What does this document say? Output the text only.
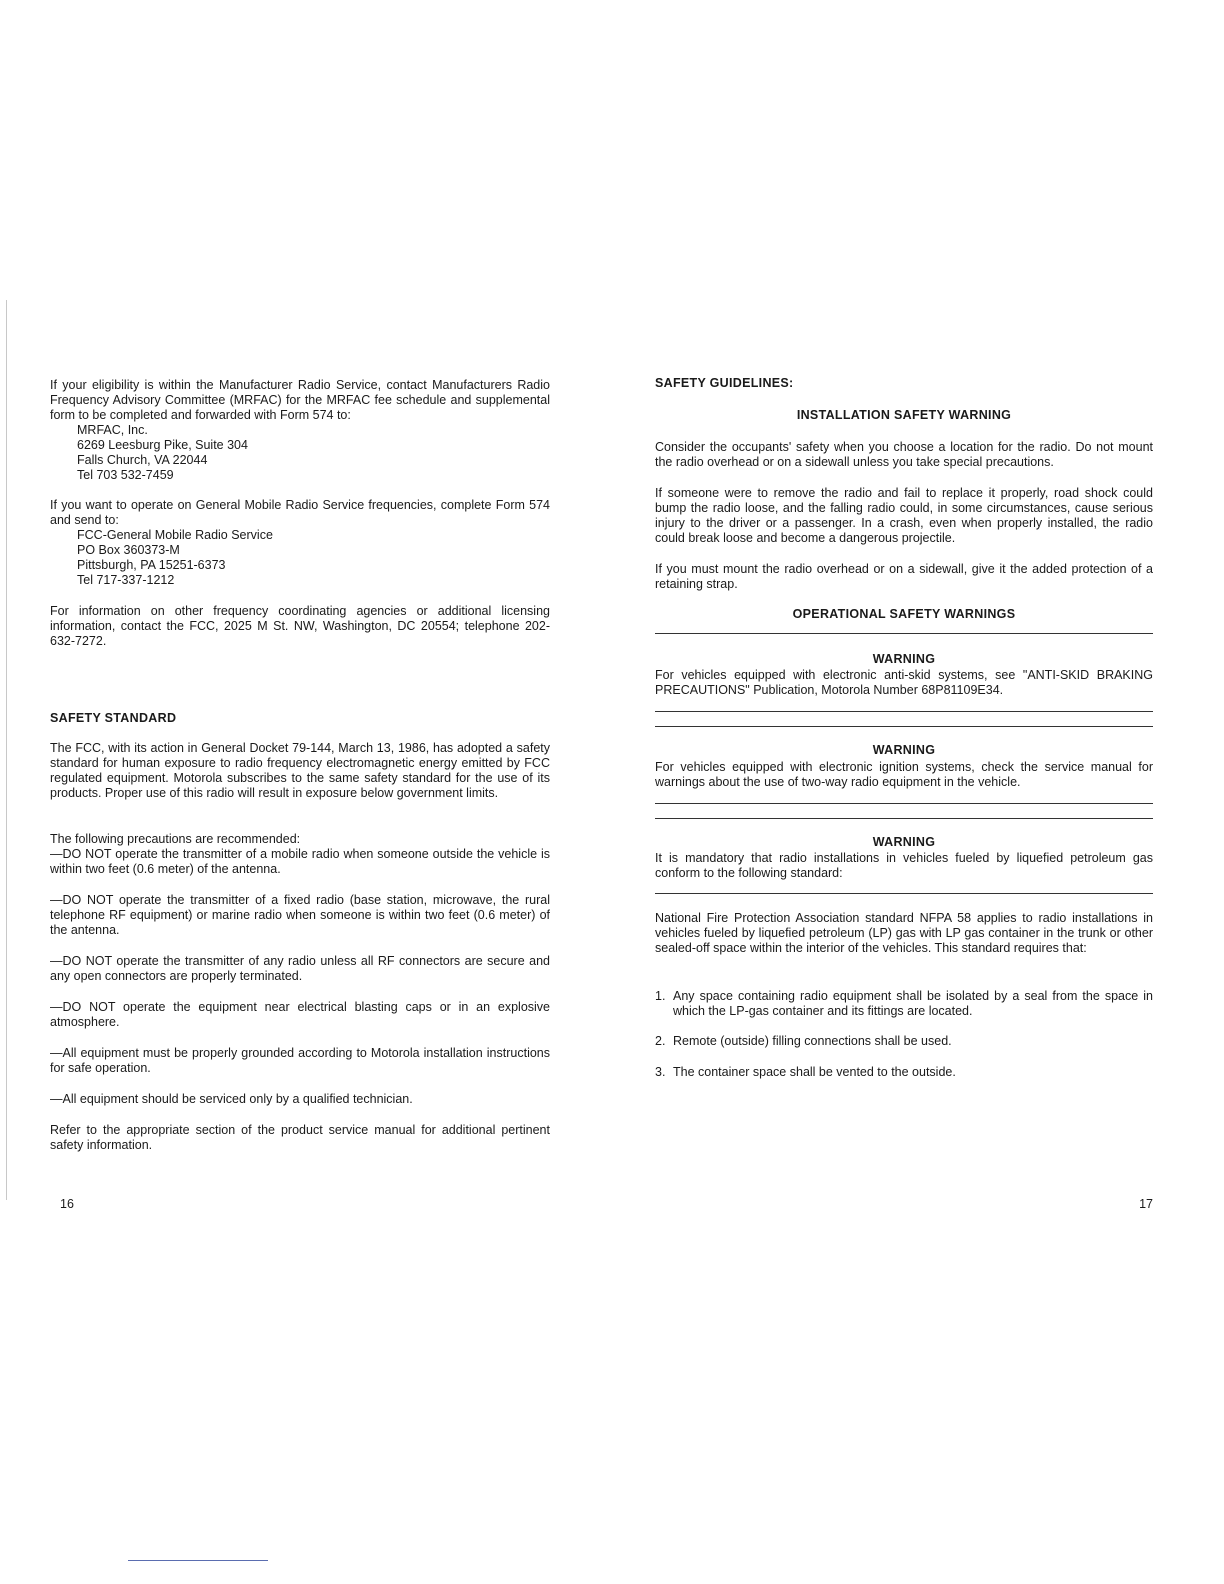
If your eligibility is within the Manufacturer Radio Service, contact Manufacturers Radio Frequency Advisory Committee (MRFAC) for the MRFAC fee schedule and supplemental form to be completed and forwarded with Form 574 to:

MRFAC, Inc.
6269 Leesburg Pike, Suite 304
Falls Church, VA 22044
Tel 703 532-7459

If you want to operate on General Mobile Radio Service frequencies, complete Form 574 and send to:

FCC-General Mobile Radio Service
PO Box 360373-M
Pittsburgh, PA 15251-6373
Tel 717-337-1212

For information on other frequency coordinating agencies or additional licensing information, contact the FCC, 2025 M St. NW, Washington, DC 20554; telephone 202-632-7272.

SAFETY STANDARD

The FCC, with its action in General Docket 79-144, March 13, 1986, has adopted a safety standard for human exposure to radio frequency electromagnetic energy emitted by FCC regulated equipment. Motorola subscribes to the same safety standard for the use of its products. Proper use of this radio will result in exposure below government limits.

The following precautions are recommended:

—DO NOT operate the transmitter of a mobile radio when someone outside the vehicle is within two feet (0.6 meter) of the antenna.

—DO NOT operate the transmitter of a fixed radio (base station, microwave, the rural telephone RF equipment) or marine radio when someone is within two feet (0.6 meter) of the antenna.

—DO NOT operate the transmitter of any radio unless all RF connectors are secure and any open connectors are properly terminated.

—DO NOT operate the equipment near electrical blasting caps or in an explosive atmosphere.

—All equipment must be properly grounded according to Motorola installation instructions for safe operation.

—All equipment should be serviced only by a qualified technician.

Refer to the appropriate section of the product service manual for additional pertinent safety information.

16

SAFETY GUIDELINES:

INSTALLATION SAFETY WARNING

Consider the occupants' safety when you choose a location for the radio. Do not mount the radio overhead or on a sidewall unless you take special precautions.

If someone were to remove the radio and fail to replace it properly, road shock could bump the radio loose, and the falling radio could, in some circumstances, cause serious injury to the driver or a passenger. In a crash, even when properly installed, the radio could break loose and become a dangerous projectile.

If you must mount the radio overhead or on a sidewall, give it the added protection of a retaining strap.

OPERATIONAL SAFETY WARNINGS

WARNING

For vehicles equipped with electronic anti-skid systems, see "ANTI-SKID BRAKING PRECAUTIONS" Publication, Motorola Number 68P81109E34.

WARNING

For vehicles equipped with electronic ignition systems, check the service manual for warnings about the use of two-way radio equipment in the vehicle.

WARNING

It is mandatory that radio installations in vehicles fueled by liquefied petroleum gas conform to the following standard:

National Fire Protection Association standard NFPA 58 applies to radio installations in vehicles fueled by liquefied petroleum (LP) gas with LP gas container in the trunk or other sealed-off space within the interior of the vehicles. This standard requires that:

1. Any space containing radio equipment shall be isolated by a seal from the space in which the LP-gas container and its fittings are located.
2. Remote (outside) filling connections shall be used.
3. The container space shall be vented to the outside.
17
